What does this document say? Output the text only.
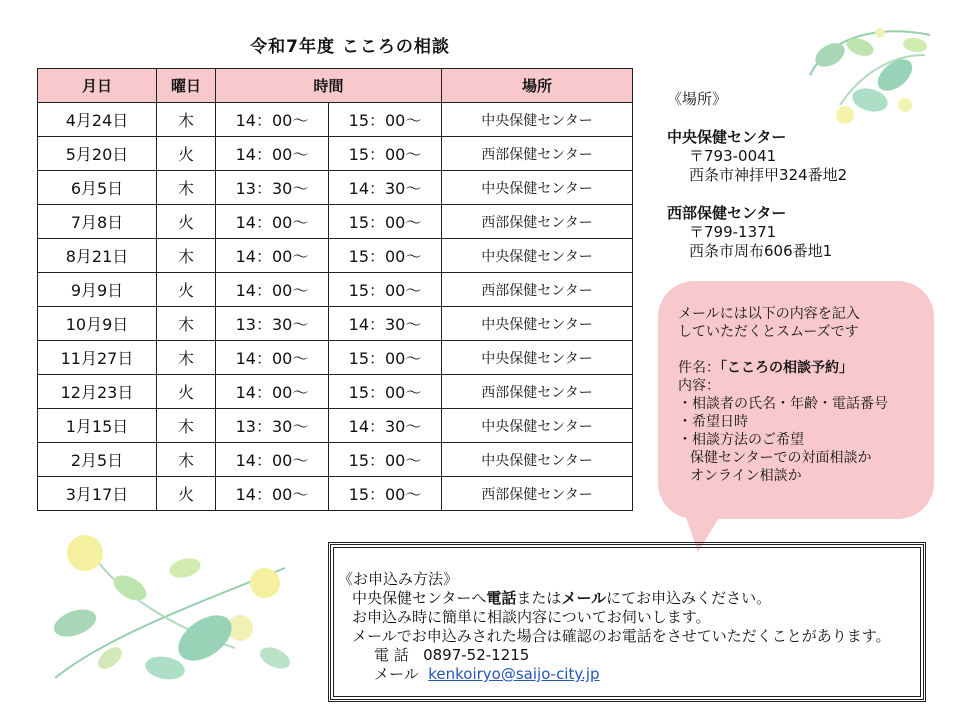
令和7年度 こころの相談
月日	曜日	時間		場所
4月24日	木	14：00～	15：00～	中央保健センター
5月20日	火	14：00～	15：00～	西部保健センター
6月5日	木	13：30～	14：30～	中央保健センター
7月8日	火	14：00～	15：00～	西部保健センター
8月21日	木	14：00～	15：00～	中央保健センター
9月9日	火	14：00～	15：00～	西部保健センター
10月9日	木	13：30～	14：30～	中央保健センター
11月27日	木	14：00～	15：00～	中央保健センター
12月23日	火	14：00～	15：00～	西部保健センター
1月15日	木	13：30～	14：30～	中央保健センター
2月5日	木	14：00～	15：00～	中央保健センター
3月17日	火	14：00～	15：00～	西部保健センター
《場所》
中央保健センター
〒793-0041
西条市神拝甲324番地2
西部保健センター
〒799-1371
西条市周布606番地1
メールには以下の内容を記入
していただくとスムーズです
件名：「こころの相談予約」
内容：
・相談者の氏名・年齢・電話番号
・希望日時
・相談方法のご希望
保健センターでの対面相談か
オンライン相談か
《お申込み方法》
中央保健センターへ電話またはメールにてお申込みください。
お申込み時に簡単に相談内容についてお伺いします。
メールでお申込みされた場合は確認のお電話をさせていただくことがあります。
電 話 0897-52-1215
メール kenkoiryo@saijo-city.jp
